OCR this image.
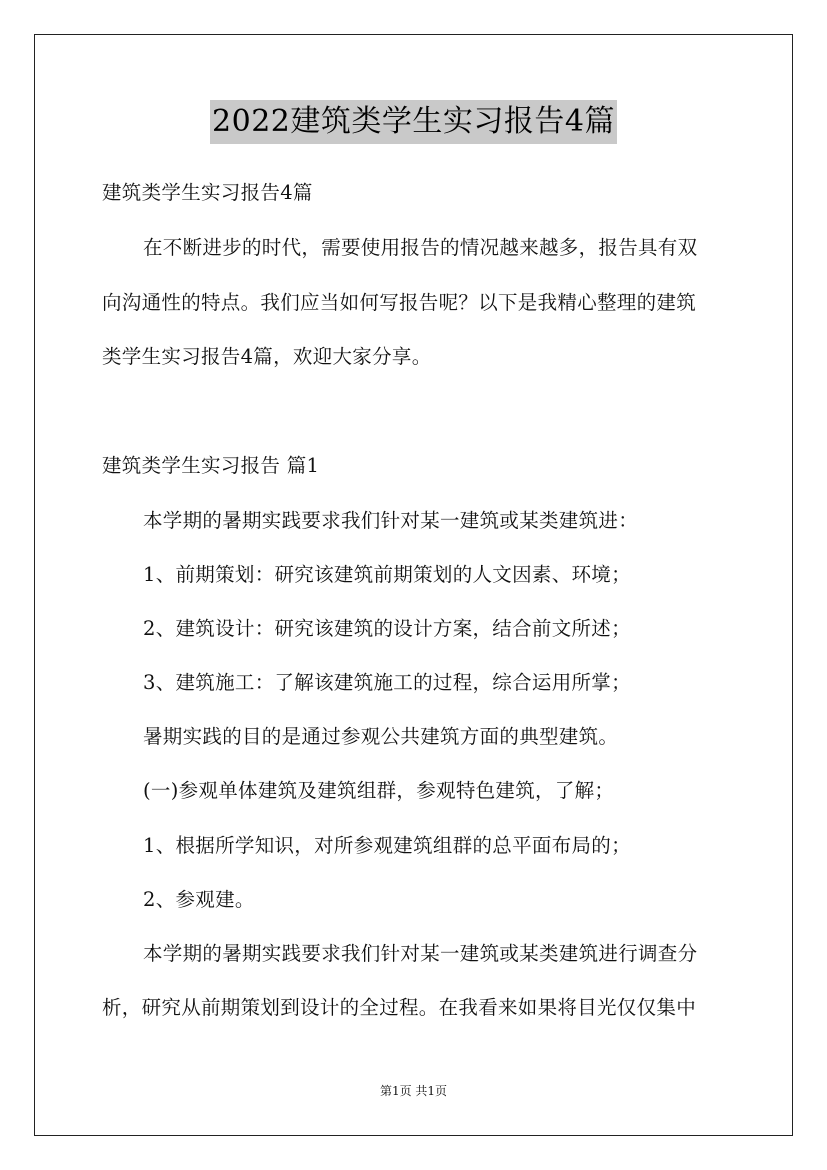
2022建筑类学生实习报告4篇
建筑类学生实习报告4篇
在不断进步的时代，需要使用报告的情况越来越多，报告具有双
向沟通性的特点。我们应当如何写报告呢？以下是我精心整理的建筑
类学生实习报告4篇，欢迎大家分享。
建筑类学生实习报告 篇1
本学期的暑期实践要求我们针对某一建筑或某类建筑进：
1、前期策划：研究该建筑前期策划的人文因素、环境；
2、建筑设计：研究该建筑的设计方案，结合前文所述；
3、建筑施工：了解该建筑施工的过程，综合运用所掌；
暑期实践的目的是通过参观公共建筑方面的典型建筑。
(一)参观单体建筑及建筑组群，参观特色建筑，了解；
1、根据所学知识，对所参观建筑组群的总平面布局的；
2、参观建。
本学期的暑期实践要求我们针对某一建筑或某类建筑进行调查分
析，研究从前期策划到设计的全过程。在我看来如果将目光仅仅集中
第1页 共1页
